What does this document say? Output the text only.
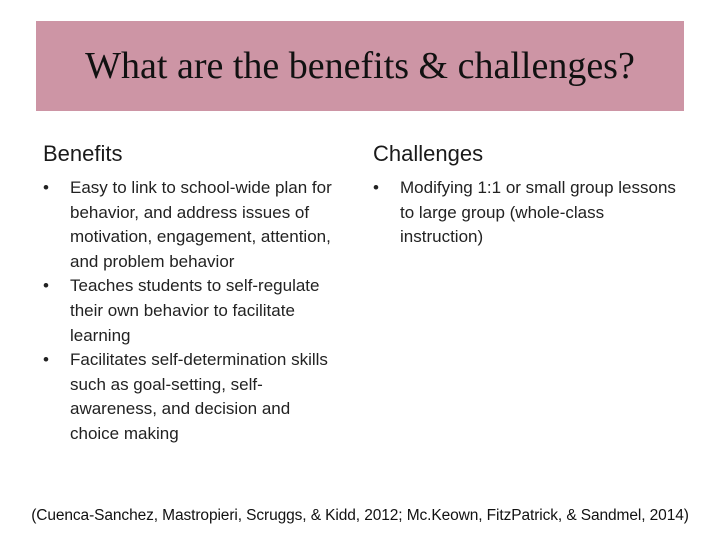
What are the benefits & challenges?
Benefits
•	Easy to link to school-wide plan for behavior, and address issues of motivation, engagement, attention, and problem behavior
•	Teaches students to self-regulate their own behavior to facilitate learning
•	Facilitates self-determination skills such as goal-setting, self-awareness, and decision and choice making
Challenges
•	Modifying 1:1 or small group lessons to large group (whole-class instruction)
(Cuenca-Sanchez, Mastropieri, Scruggs, & Kidd, 2012; Mc.Keown, FitzPatrick, & Sandmel, 2014)
